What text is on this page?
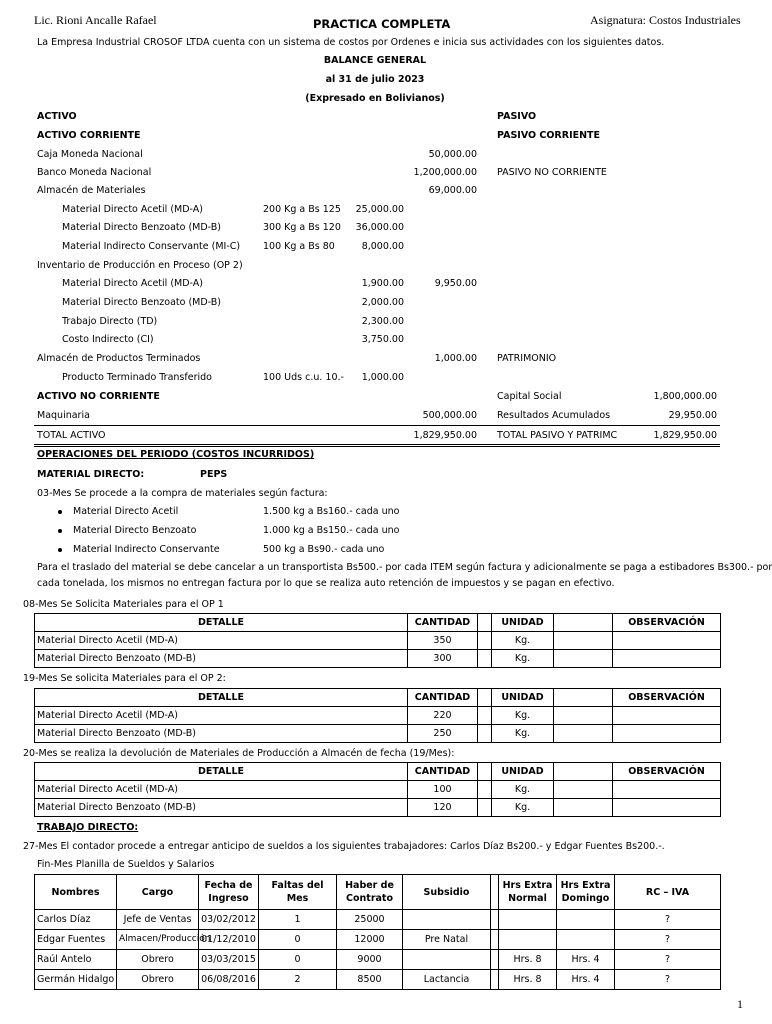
Lic. Rioni Ancalle Rafael	PRACTICA COMPLETA	Asignatura: Costos Industriales
La Empresa Industrial CROSOF LTDA cuenta con un sistema de costos por Ordenes e inicia sus actividades con los siguientes datos.
BALANCE GENERAL
al 31 de julio 2023
(Expresado en Bolivianos)
ACTIVO	PASIVO
ACTIVO CORRIENTE	PASIVO CORRIENTE
Caja Moneda Nacional	50,000.00
Banco Moneda Nacional	1,200,000.00 PASIVO NO CORRIENTE
Almacén de Materiales	69,000.00
Material Directo Acetil (MD-A)	200 Kg a Bs 125	25,000.00
Material Directo Benzoato (MD-B)	300 Kg a Bs 120	36,000.00
Material Indirecto Conservante (MI-C) 100 Kg a Bs 80	8,000.00
Inventario de Producción en Proceso (OP 2)
Material Directo Acetil (MD-A)	1,900.00	9,950.00
Material Directo Benzoato (MD-B)	2,000.00
Trabajo Directo (TD)	2,300.00
Costo Indirecto (CI)	3,750.00
Almacén de Productos Terminados	1,000.00 PATRIMONIO
Producto Terminado Transferido	100 Uds c.u. 10.-	1,000.00
ACTIVO NO CORRIENTE	Capital Social	1,800,000.00
Maquinaria	500,000.00 Resultados Acumulados	29,950.00
TOTAL ACTIVO	1,829,950.00 TOTAL PASIVO Y PATRIMC	1,829,950.00
OPERACIONES DEL PERIODO (COSTOS INCURRIDOS)
MATERIAL DIRECTO:	PEPS
03-Mes Se procede a la compra de materiales según factura:
Material Directo Acetil	1.500 kg a Bs160.- cada uno
Material Directo Benzoato	1.000 kg a Bs150.- cada uno
Material Indirecto Conservante	500 kg a Bs90.- cada uno
Para el traslado del material se debe cancelar a un transportista Bs500.- por cada ITEM según factura y adicionalmente se paga a estibadores Bs300.- por
cada tonelada, los mismos no entregan factura por lo que se realiza auto retención de impuestos y se pagan en efectivo.
08-Mes Se Solicita Materiales para el OP 1
DETALLE	CANTIDAD		UNIDAD		OBSERVACIÓN
Material Directo Acetil (MD-A)	350		Kg.		
Material Directo Benzoato (MD-B)	300		Kg.		
19-Mes Se solicita Materiales para el OP 2:
DETALLE	CANTIDAD		UNIDAD		OBSERVACIÓN
Material Directo Acetil (MD-A)	220		Kg.		
Material Directo Benzoato (MD-B)	250		Kg.		
20-Mes se realiza la devolución de Materiales de Producción a Almacén de fecha (19/Mes):
DETALLE	CANTIDAD		UNIDAD		OBSERVACIÓN
Material Directo Acetil (MD-A)	100		Kg.		
Material Directo Benzoato (MD-B)	120		Kg.		
TRABAJO DIRECTO:
27-Mes El contador procede a entregar anticipo de sueldos a los siguientes trabajadores: Carlos Díaz Bs200.- y Edgar Fuentes Bs200.-.
Fin-Mes Planilla de Sueldos y Salarios
Nombres	Cargo	Fecha de Ingreso	Faltas del Mes	Haber de Contrato	Subsidio		Hrs Extra Normal	Hrs Extra Domingo	RC – IVA
Carlos Díaz	Jefe de Ventas	03/02/2012	1	25000					?
Edgar Fuentes	Almacen/Producción	01/12/2010	0	12000	Pre Natal				?
Raúl Antelo	Obrero	03/03/2015	0	9000			Hrs. 8	Hrs. 4	?
Germán Hidalgo	Obrero	06/08/2016	2	8500	Lactancia		Hrs. 8	Hrs. 4	?
1
